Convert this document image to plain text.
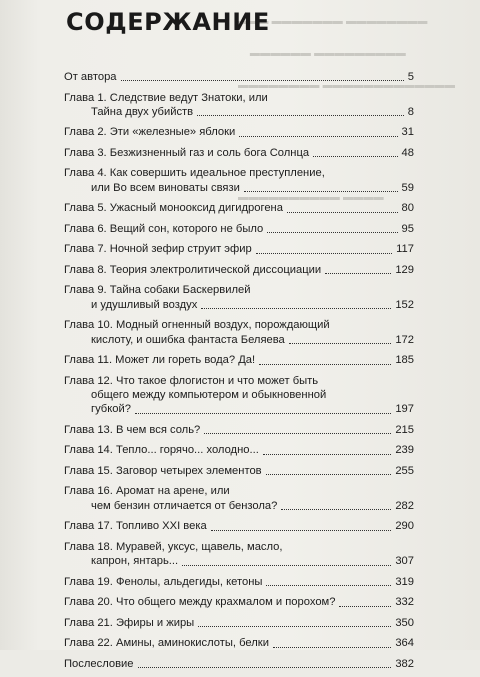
▬▬▬ ▬▬▬▬▬▬▬ ▬▬▬▬▬▬▬▬

▬▬▬▬▬▬ ▬▬▬▬▬▬▬▬▬

▬▬▬▬▬▬▬▬ ▬▬▬▬▬▬▬▬▬▬▬▬▬

▬▬▬▬▬▬▬▬▬▬ ▬▬▬▬
СОДЕРЖАНИЕ
От автора	5
Глава 1. Следствие ведут Знатоки, или
Тайна двух убийств	8
Глава 2. Эти «железные» яблоки	31
Глава 3. Безжизненный газ и соль бога Солнца	48
Глава 4. Как совершить идеальное преступление,
или Во всем виноваты связи	59
Глава 5. Ужасный монооксид дигидрогена	80
Глава 6. Вещий сон, которого не было	95
Глава 7. Ночной зефир струит эфир	117
Глава 8. Теория электролитической диссоциации	129
Глава 9. Тайна собаки Баскервилей
и удушливый воздух	152
Глава 10. Модный огненный воздух, порождающий
кислоту, и ошибка фантаста Беляева	172
Глава 11. Может ли гореть вода? Да!	185
Глава 12. Что такое флогистон и что может быть
общего между компьютером и обыкновенной
губкой?	197
Глава 13. В чем вся соль?	215
Глава 14. Тепло... горячо... холодно...	239
Глава 15. Заговор четырех элементов	255
Глава 16. Аромат на арене, или
чем бензин отличается от бензола?	282
Глава 17. Топливо XXI века	290
Глава 18. Муравей, уксус, щавель, масло,
капрон, янтарь...	307
Глава 19. Фенолы, альдегиды, кетоны	319
Глава 20. Что общего между крахмалом и порохом?	332
Глава 21. Эфиры и жиры	350
Глава 22. Амины, аминокислоты, белки	364
Послесловие	382
